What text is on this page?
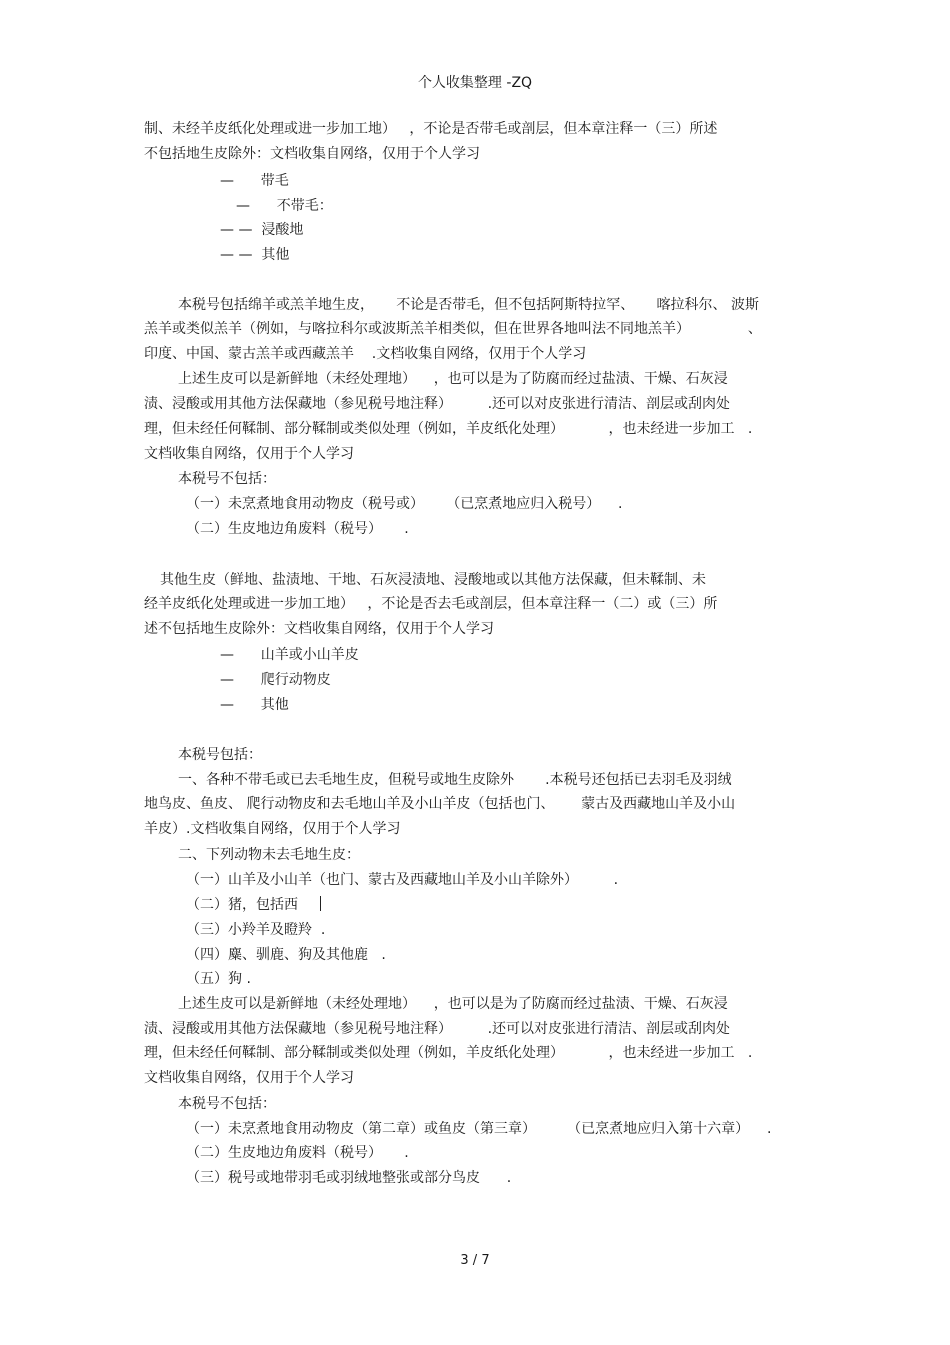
个人收集整理 -ZQ
制、未经羊皮纸化处理或进一步加工地）   ，不论是否带毛或剖层，但本章注释一（三）所述
不包括地生皮除外：文档收集自网络，仅用于个人学习
—      带毛
—      不带毛：
— —  浸酸地
— —  其他
本税号包括绵羊或羔羊地生皮，     不论是否带毛，但不包括阿斯特拉罕、     喀拉科尔、 波斯
羔羊或类似羔羊（例如，与喀拉科尔或波斯羔羊相类似，但在世界各地叫法不同地羔羊）             、
印度、中国、蒙古羔羊或西藏羔羊    .文档收集自网络，仅用于个人学习
上述生皮可以是新鲜地（未经处理地）    ，也可以是为了防腐而经过盐渍、干燥、石灰浸
渍、浸酸或用其他方法保藏地（参见税号地注释）        .还可以对皮张进行清洁、剖层或刮肉处
理，但未经任何鞣制、部分鞣制或类似处理（例如，羊皮纸化处理）          ，也未经进一步加工   .
文档收集自网络，仅用于个人学习
本税号不包括：
（一）未烹煮地食用动物皮（税号或）     （已烹煮地应归入税号）    .
（二）生皮地边角废料（税号）     .
其他生皮（鲜地、盐渍地、干地、石灰浸渍地、浸酸地或以其他方法保藏，但未鞣制、未
经羊皮纸化处理或进一步加工地）   ，不论是否去毛或剖层，但本章注释一（二）或（三）所
述不包括地生皮除外：文档收集自网络，仅用于个人学习
—      山羊或小山羊皮
—      爬行动物皮
—      其他
本税号包括：
一、各种不带毛或已去毛地生皮，但税号或地生皮除外       .本税号还包括已去羽毛及羽绒
地鸟皮、鱼皮、 爬行动物皮和去毛地山羊及小山羊皮（包括也门、      蒙古及西藏地山羊及小山
羊皮）.文档收集自网络，仅用于个人学习
二、下列动物未去毛地生皮：
（一）山羊及小山羊（也门、蒙古及西藏地山羊及小山羊除外）        .
（二）猪，包括西
（三）小羚羊及瞪羚  .
（四）麋、驯鹿、狗及其他鹿   .
（五）狗 .
上述生皮可以是新鲜地（未经处理地）    ，也可以是为了防腐而经过盐渍、干燥、石灰浸
渍、浸酸或用其他方法保藏地（参见税号地注释）        .还可以对皮张进行清洁、剖层或刮肉处
理，但未经任何鞣制、部分鞣制或类似处理（例如，羊皮纸化处理）          ，也未经进一步加工   .
文档收集自网络，仅用于个人学习
本税号不包括：
（一）未烹煮地食用动物皮（第二章）或鱼皮（第三章）       （已烹煮地应归入第十六章）    .
（二）生皮地边角废料（税号）     .
（三）税号或地带羽毛或羽绒地整张或部分鸟皮      .
3 / 7
